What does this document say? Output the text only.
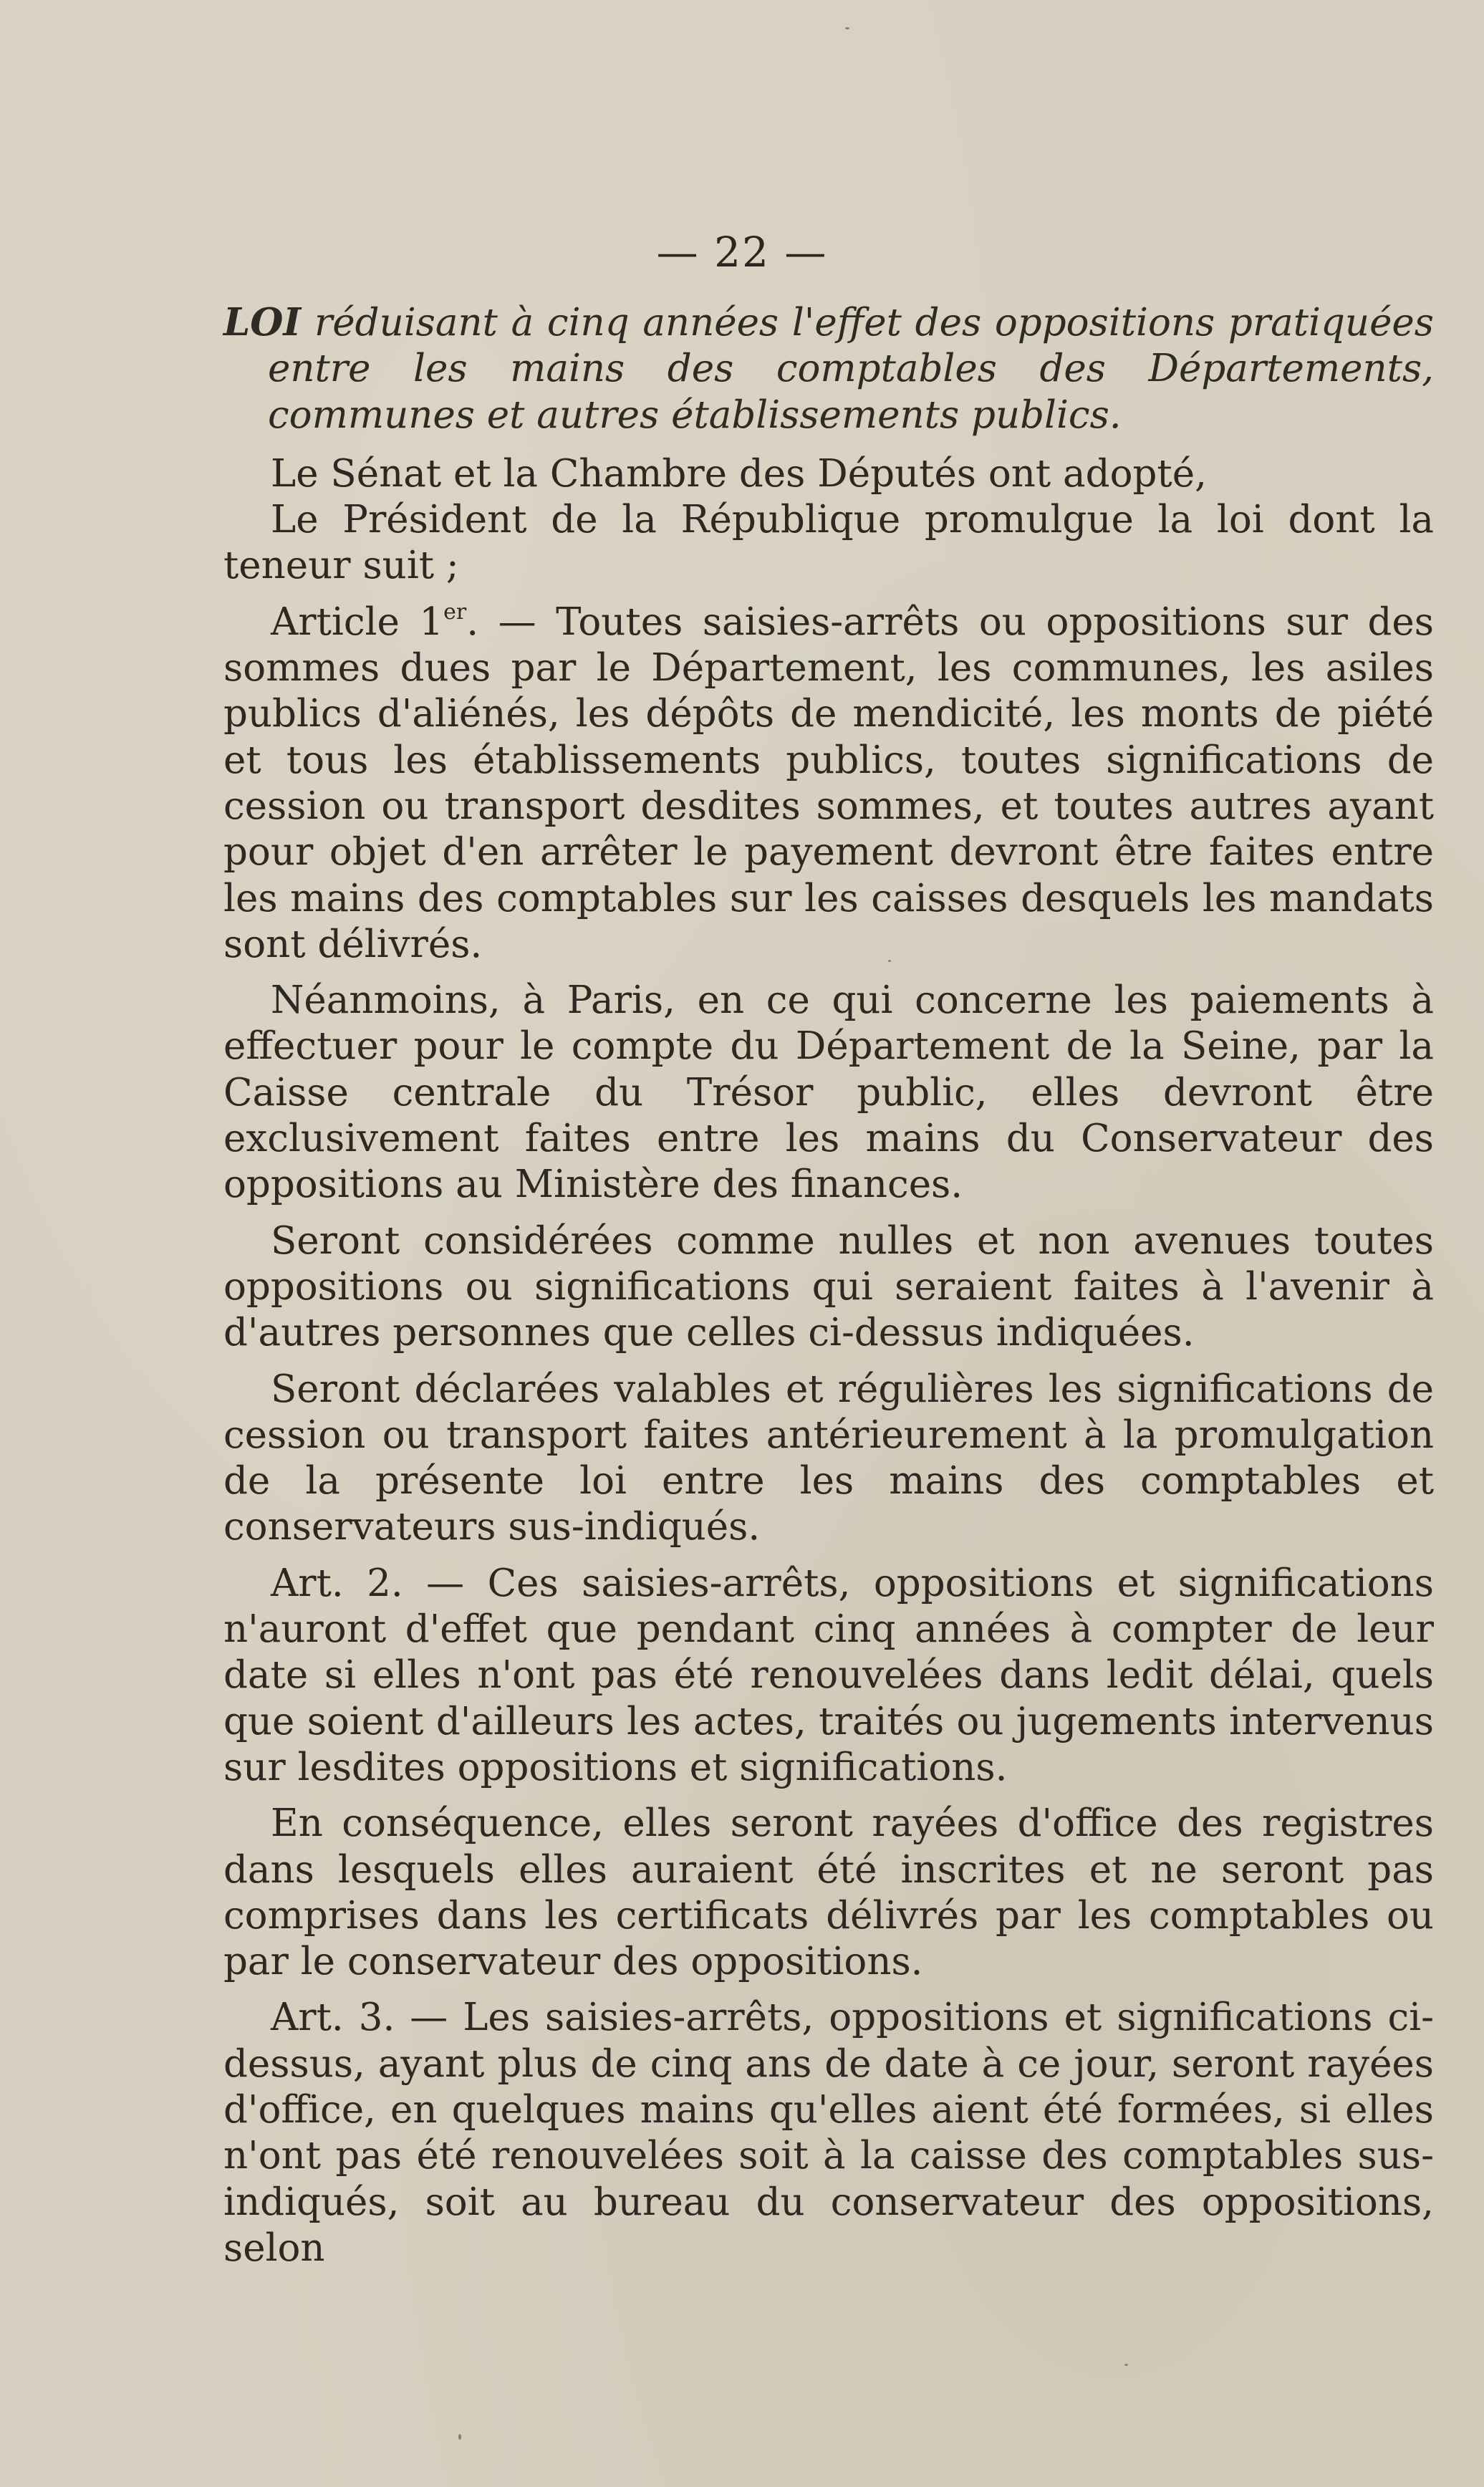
— 22 —

LOI réduisant à cinq années l'effet des oppositions pratiquées entre les mains des comptables des Départements, communes et autres établissements publics.

Le Sénat et la Chambre des Députés ont adopté,

Le Président de la République promulgue la loi dont la teneur suit ;

Article 1er. — Toutes saisies-arrêts ou oppositions sur des sommes dues par le Département, les communes, les asiles publics d'aliénés, les dépôts de mendicité, les monts de piété et tous les établissements publics, toutes significations de cession ou transport desdites sommes, et toutes autres ayant pour objet d'en arrêter le payement devront être faites entre les mains des comptables sur les caisses desquels les mandats sont délivrés.

Néanmoins, à Paris, en ce qui concerne les paiements à effectuer pour le compte du Département de la Seine, par la Caisse centrale du Trésor public, elles devront être exclusivement faites entre les mains du Conservateur des oppositions au Ministère des finances.

Seront considérées comme nulles et non avenues toutes oppositions ou significations qui seraient faites à l'avenir à d'autres personnes que celles ci-dessus indiquées.

Seront déclarées valables et régulières les significations de cession ou transport faites antérieurement à la promulgation de la présente loi entre les mains des comptables et conservateurs sus-indiqués.

Art. 2. — Ces saisies-arrêts, oppositions et significations n'auront d'effet que pendant cinq années à compter de leur date si elles n'ont pas été renouvelées dans ledit délai, quels que soient d'ailleurs les actes, traités ou jugements intervenus sur lesdites oppositions et significations.

En conséquence, elles seront rayées d'office des registres dans lesquels elles auraient été inscrites et ne seront pas comprises dans les certificats délivrés par les comptables ou par le conservateur des oppositions.

Art. 3. — Les saisies-arrêts, oppositions et significations ci-dessus, ayant plus de cinq ans de date à ce jour, seront rayées d'office, en quelques mains qu'elles aient été formées, si elles n'ont pas été renouvelées soit à la caisse des comptables sus-indiqués, soit au bureau du conservateur des oppositions, selon
